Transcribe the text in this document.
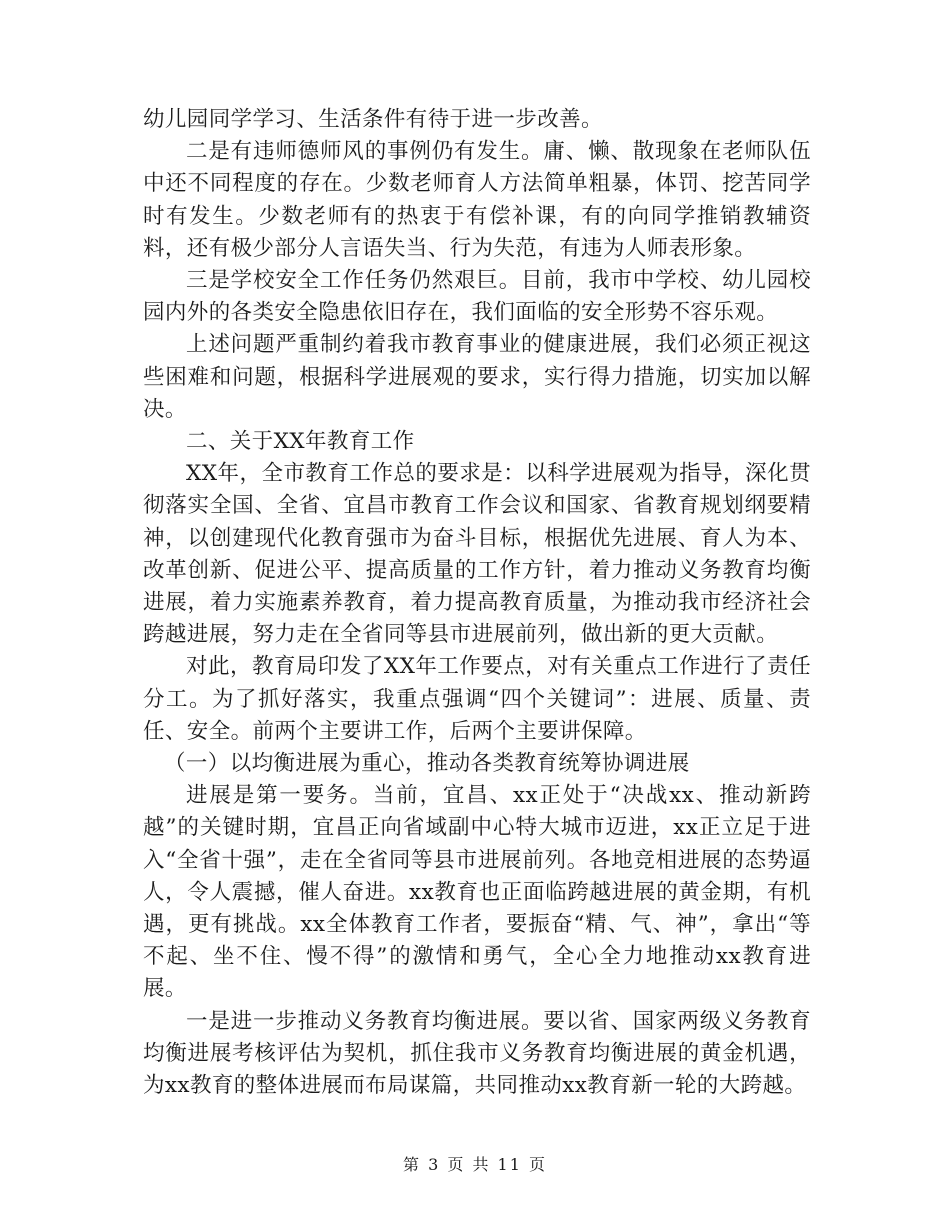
幼儿园同学学习、生活条件有待于进一步改善。

二是有违师德师风的事例仍有发生。庸、懒、散现象在老师队伍中还不同程度的存在。少数老师育人方法简单粗暴，体罚、挖苦同学时有发生。少数老师有的热衷于有偿补课，有的向同学推销教辅资料，还有极少部分人言语失当、行为失范，有违为人师表形象。

三是学校安全工作任务仍然艰巨。目前，我市中学校、幼儿园校园内外的各类安全隐患依旧存在，我们面临的安全形势不容乐观。

上述问题严重制约着我市教育事业的健康进展，我们必须正视这些困难和问题，根据科学进展观的要求，实行得力措施，切实加以解决。

二、关于XX年教育工作

XX年，全市教育工作总的要求是：以科学进展观为指导，深化贯彻落实全国、全省、宜昌市教育工作会议和国家、省教育规划纲要精神，以创建现代化教育强市为奋斗目标，根据优先进展、育人为本、改革创新、促进公平、提高质量的工作方针，着力推动义务教育均衡进展，着力实施素养教育，着力提高教育质量，为推动我市经济社会跨越进展，努力走在全省同等县市进展前列，做出新的更大贡献。

对此，教育局印发了XX年工作要点，对有关重点工作进行了责任分工。为了抓好落实，我重点强调“四个关键词”：进展、质量、责任、安全。前两个主要讲工作，后两个主要讲保障。

（一）以均衡进展为重心，推动各类教育统筹协调进展

进展是第一要务。当前，宜昌、xx正处于“决战xx、推动新跨越”的关键时期，宜昌正向省域副中心特大城市迈进，xx正立足于进入“全省十强”，走在全省同等县市进展前列。各地竞相进展的态势逼人，令人震撼，催人奋进。xx教育也正面临跨越进展的黄金期，有机遇，更有挑战。xx全体教育工作者，要振奋“精、气、神”，拿出“等不起、坐不住、慢不得”的激情和勇气，全心全力地推动xx教育进展。

一是进一步推动义务教育均衡进展。要以省、国家两级义务教育均衡进展考核评估为契机，抓住我市义务教育均衡进展的黄金机遇，为xx教育的整体进展而布局谋篇，共同推动xx教育新一轮的大跨越。

第 3 页 共 11 页
